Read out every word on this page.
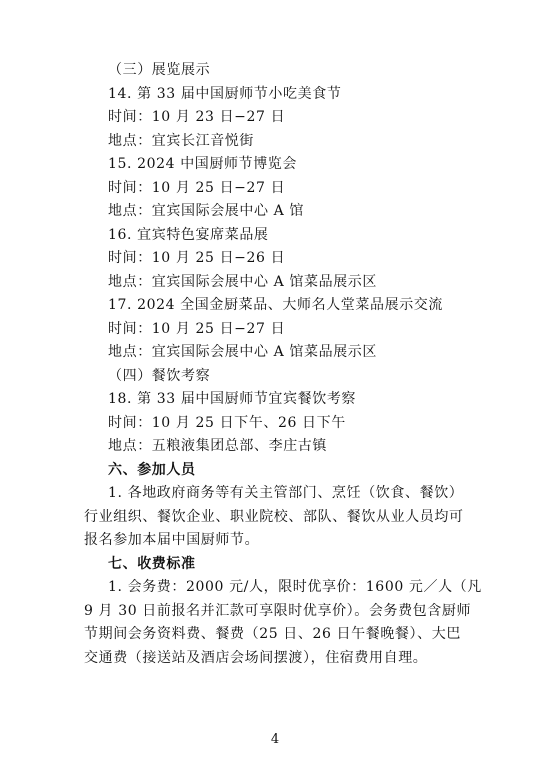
（三）展览展示
14. 第 33 届中国厨师节小吃美食节
时间：10 月 23 日−27 日
地点：宜宾长江音悦街
15. 2024 中国厨师节博览会
时间：10 月 25 日−27 日
地点：宜宾国际会展中心 A 馆
16. 宜宾特色宴席菜品展
时间：10 月 25 日−26 日
地点：宜宾国际会展中心 A 馆菜品展示区
17. 2024 全国金厨菜品、大师名人堂菜品展示交流
时间：10 月 25 日−27 日
地点：宜宾国际会展中心 A 馆菜品展示区
（四）餐饮考察
18. 第 33 届中国厨师节宜宾餐饮考察
时间：10 月 25 日下午、26 日下午
地点：五粮液集团总部、李庄古镇
六、参加人员
1. 各地政府商务等有关主管部门、烹饪（饮食、餐饮）
行业组织、餐饮企业、职业院校、部队、餐饮从业人员均可
报名参加本届中国厨师节。
七、收费标准
1. 会务费：2000 元/人，限时优享价：1600 元／人（凡
9 月 30 日前报名并汇款可享限时优享价）。会务费包含厨师
节期间会务资料费、餐费（25 日、26 日午餐晚餐）、大巴
交通费（接送站及酒店会场间摆渡），住宿费用自理。
4
